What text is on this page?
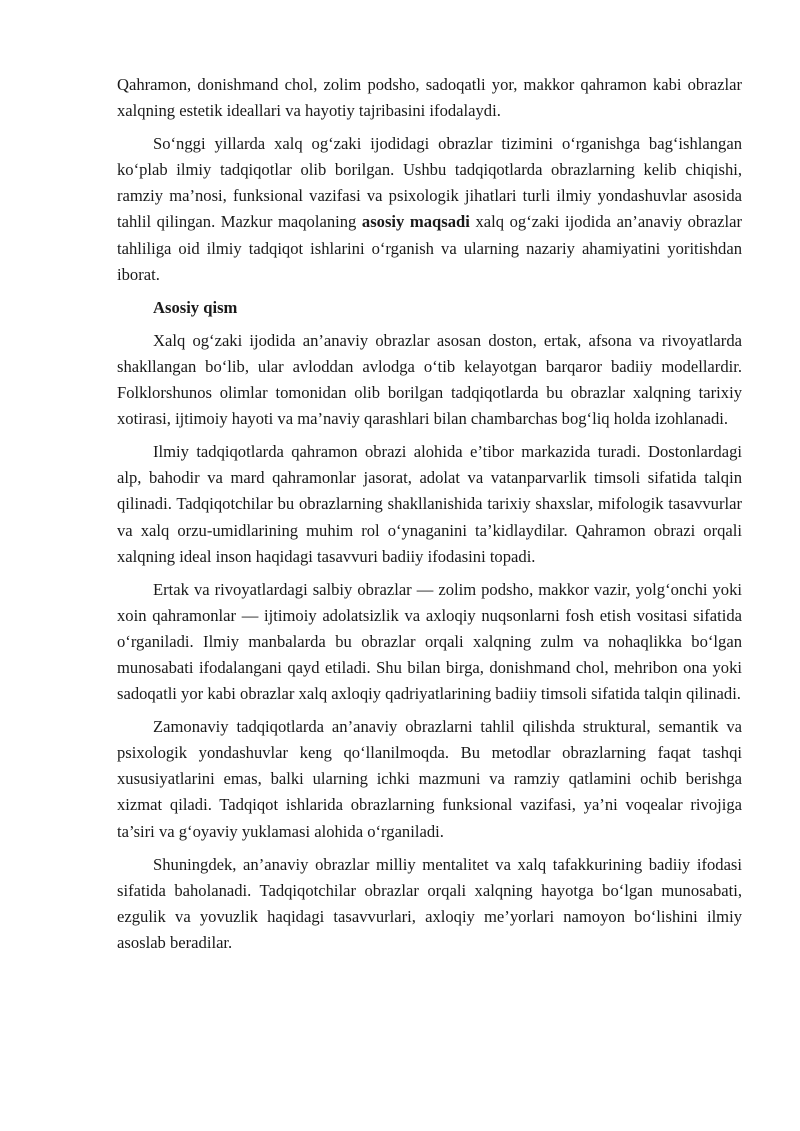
Qahramon, donishmand chol, zolim podsho, sadoqatli yor, makkor qahramon kabi obrazlar xalqning estetik ideallari va hayotiy tajribasini ifodalaydi.

So‘nggi yillarda xalq og‘zaki ijodidagi obrazlar tizimini o‘rganishga bag‘ishlangan ko‘plab ilmiy tadqiqotlar olib borilgan. Ushbu tadqiqotlarda obrazlarning kelib chiqishi, ramziy ma’nosi, funksional vazifasi va psixologik jihatlari turli ilmiy yondashuvlar asosida tahlil qilingan. Mazkur maqolaning asosiy maqsadi xalq og‘zaki ijodida an’anaviy obrazlar tahliliga oid ilmiy tadqiqot ishlarini o‘rganish va ularning nazariy ahamiyatini yoritishdan iborat.

Asosiy qism

Xalq og‘zaki ijodida an’anaviy obrazlar asosan doston, ertak, afsona va rivoyatlarda shakllangan bo‘lib, ular avloddan avlodga o‘tib kelayotgan barqaror badiiy modellardir. Folklorshunos olimlar tomonidan olib borilgan tadqiqotlarda bu obrazlar xalqning tarixiy xotirasi, ijtimoiy hayoti va ma’naviy qarashlari bilan chambarchas bog‘liq holda izohlanadi.

Ilmiy tadqiqotlarda qahramon obrazi alohida e’tibor markazida turadi. Dostonlardagi alp, bahodir va mard qahramonlar jasorat, adolat va vatanparvarlik timsoli sifatida talqin qilinadi. Tadqiqotchilar bu obrazlarning shakllanishida tarixiy shaxslar, mifologik tasavvurlar va xalq orzu-umidlarining muhim rol o‘ynaganini ta’kidlaydilar. Qahramon obrazi orqali xalqning ideal inson haqidagi tasavvuri badiiy ifodasini topadi.

Ertak va rivoyatlardagi salbiy obrazlar — zolim podsho, makkor vazir, yolg‘onchi yoki xoin qahramonlar — ijtimoiy adolatsizlik va axloqiy nuqsonlarni fosh etish vositasi sifatida o‘rganiladi. Ilmiy manbalarda bu obrazlar orqali xalqning zulm va nohaqlikka bo‘lgan munosabati ifodalangani qayd etiladi. Shu bilan birga, donishmand chol, mehribon ona yoki sadoqatli yor kabi obrazlar xalq axloqiy qadriyatlarining badiiy timsoli sifatida talqin qilinadi.

Zamonaviy tadqiqotlarda an’anaviy obrazlarni tahlil qilishda struktural, semantik va psixologik yondashuvlar keng qo‘llanilmoqda. Bu metodlar obrazlarning faqat tashqi xususiyatlarini emas, balki ularning ichki mazmuni va ramziy qatlamini ochib berishga xizmat qiladi. Tadqiqot ishlarida obrazlarning funksional vazifasi, ya’ni voqealar rivojiga ta’siri va g‘oyaviy yuklamasi alohida o‘rganiladi.

Shuningdek, an’anaviy obrazlar milliy mentalitet va xalq tafakkurining badiiy ifodasi sifatida baholanadi. Tadqiqotchilar obrazlar orqali xalqning hayotga bo‘lgan munosabati, ezgulik va yovuzlik haqidagi tasavvurlari, axloqiy me’yorlari namoyon bo‘lishini ilmiy asoslab beradilar.
